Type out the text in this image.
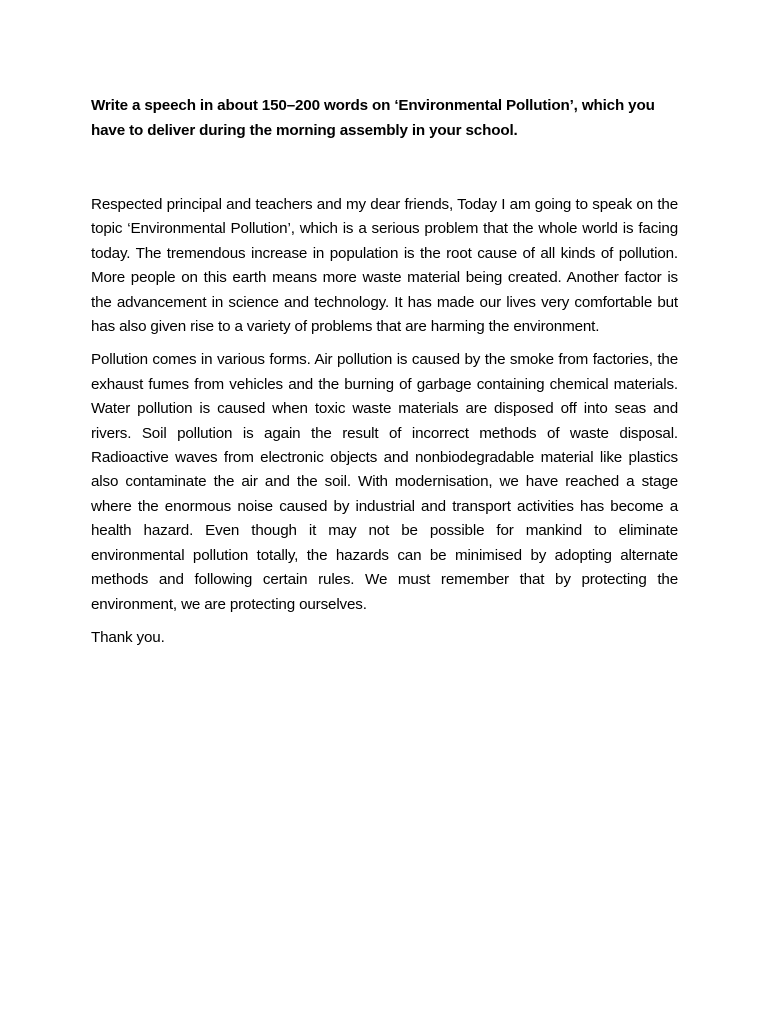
Write a speech in about 150–200 words on ‘Environmental Pollution’, which you have to deliver during the morning assembly in your school.

Respected principal and teachers and my dear friends, Today I am going to speak on the topic ‘Environmental Pollution’, which is a serious problem that the whole world is facing today. The tremendous increase in population is the root cause of all kinds of pollution. More people on this earth means more waste material being created. Another factor is the advancement in science and technology. It has made our lives very comfortable but has also given rise to a variety of problems that are harming the environment.

Pollution comes in various forms. Air pollution is caused by the smoke from factories, the exhaust fumes from vehicles and the burning of garbage containing chemical materials. Water pollution is caused when toxic waste materials are disposed off into seas and rivers. Soil pollution is again the result of incorrect methods of waste disposal. Radioactive waves from electronic objects and nonbiodegradable material like plastics also contaminate the air and the soil. With modernisation, we have reached a stage where the enormous noise caused by industrial and transport activities has become a health hazard. Even though it may not be possible for mankind to eliminate environmental pollution totally, the hazards can be minimised by adopting alternate methods and following certain rules. We must remember that by protecting the environment, we are protecting ourselves.

Thank you.
